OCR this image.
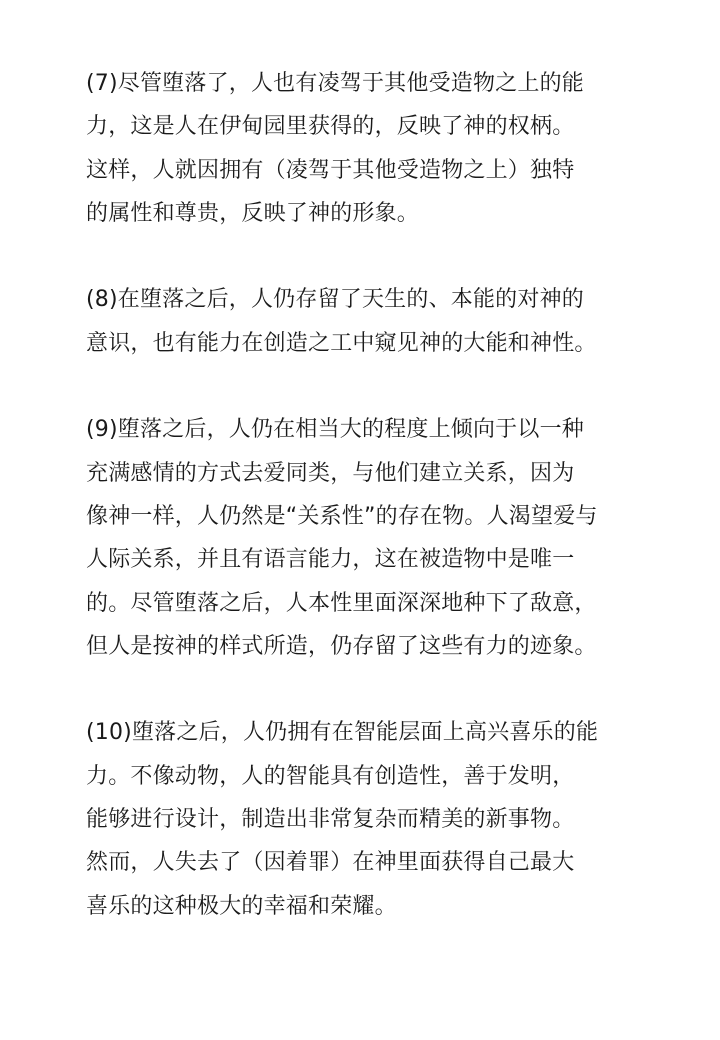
(7)尽管堕落了，人也有凌驾于其他受造物之上的能
力，这是人在伊甸园里获得的，反映了神的权柄。
这样，人就因拥有（凌驾于其他受造物之上）独特
的属性和尊贵，反映了神的形象。
(8)在堕落之后，人仍存留了天生的、本能的对神的
意识，也有能力在创造之工中窥见神的大能和神性。
(9)堕落之后，人仍在相当大的程度上倾向于以一种
充满感情的方式去爱同类，与他们建立关系，因为
像神一样，人仍然是“关系性”的存在物。人渴望爱与
人际关系，并且有语言能力，这在被造物中是唯一
的。尽管堕落之后，人本性里面深深地种下了敌意，
但人是按神的样式所造，仍存留了这些有力的迹象。
(10)堕落之后，人仍拥有在智能层面上高兴喜乐的能
力。不像动物，人的智能具有创造性，善于发明，
能够进行设计，制造出非常复杂而精美的新事物。
然而，人失去了（因着罪）在神里面获得自己最大
喜乐的这种极大的幸福和荣耀。
